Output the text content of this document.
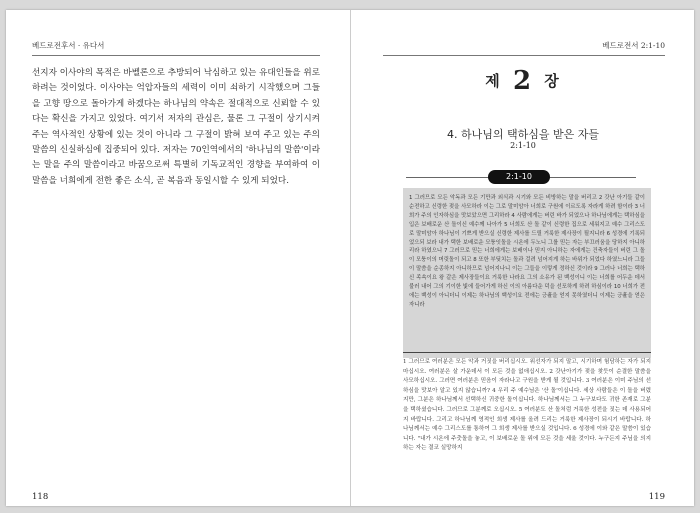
베드로전후서 · 유다서

선지자 이사야의 목적은 바벨론으로 추방되어 낙심하고 있는 유대인들을 위로하려는 것이었다. 이사야는 억압자들의 세력이 이미 쇠하기 시작했으며 그들을 고향 땅으로 돌아가게 하겠다는 하나님의 약속은 절대적으로 신뢰할 수 있다는 확신을 가지고 있었다. 여기서 저자의 관심은, 물론 그 구절이 상기시켜 주는 역사적인 상황에 있는 것이 아니라 그 구절이 밝혀 보여 주고 있는 주의 말씀의 신실하심에 집중되어 있다. 저자는 70인역에서의 '하나님의 말씀'이라는 말을 주의 말씀이라고 바꿈으로써 특별히 기독교적인 경향을 부여하여 이 말씀을 너희에게 전한 좋은 소식, 곧 복음과 동일시할 수 있게 되었다.

118
베드로전서 2:1-10
제 2 장
4. 하나님의 택하심을 받은 자들
2:1-10
2:1-10

1 그러므로 모든 악독과 모든 기만과 외식과 시기와 모든 비방하는 말을 버리고 2 갓난 아기들 같이 순전하고 신령한 젖을 사모하라 이는 그로 말미암아 너희로 구원에 이르도록 자라게 하려 함이라 3 너희가 주의 인자하심을 맛보았으면 그리하라 4 사람에게는 버린 바가 되었으나 하나님에게는 택하심을 입은 보배로운 산 돌이신 예수께 나아가 5 너희도 산 돌 같이 신령한 집으로 세워지고 예수 그리스도로 말미암아 하나님이 기쁘게 받으실 신령한 제사를 드릴 거룩한 제사장이 될지니라 6 성경에 기록되었으되 보라 내가 택한 보배로운 모퉁잇돌을 시온에 두노니 그를 믿는 자는 부끄러움을 당하지 아니하리라 하였으니 7 그러므로 믿는 너희에게는 보배이나 믿지 아니하는 자에게는 건축자들이 버린 그 돌이 모퉁이의 머릿돌이 되고 8 또한 부딪치는 돌과 걸려 넘어지게 하는 바위가 되었다 하였느니라 그들이 말씀을 순종하지 아니하므로 넘어지나니 이는 그들을 이렇게 정하신 것이라 9 그러나 너희는 택하신 족속이요 왕 같은 제사장들이요 거룩한 나라요 그의 소유가 된 백성이니 이는 너희를 어두운 데서 불러 내어 그의 기이한 빛에 들어가게 하신 이의 아름다운 덕을 선포하게 하려 하심이라 10 너희가 전에는 백성이 아니더니 이제는 하나님의 백성이요 전에는 긍휼을 얻지 못하였더니 이제는 긍휼을 얻은 자니라

1 그러므로 여러분은 모든 악과 거짓을 버리십시오. 위선자가 되지 말고, 시기하며 험담하는 자가 되지 마십시오. 여러분은 살 가운데서 이 모든 것을 없애십시오. 2 갓난아기가 젖을 찾듯이 순결한 말씀을 사모하십시오. 그러면 여러분은 믿음이 자라나고 구원을 받게 될 것입니다. 3 여러분은 이미 주님의 선하심을 맛보아 알고 있지 않습니까? 4 우리 주 예수님은 '산 돌'이십니다. 세상 사람들은 이 돌을 버렸지만, 그분은 하나님께서 선택하신 귀중한 돌이십니다. 하나님께서는 그 누구보다도 귀한 존재로 그분을 택하셨습니다. 그러므로 그분께로 오십시오. 5 여러분도 산 돌처럼 거룩한 성전을 짓는 데 사용되어지 바랍니다. 그리고 하나님께 영적인 희생 제사를 올려 드리는 거룩한 제사장이 되시기 바랍니다. 하나님께서는 예수 그리스도를 통하여 그 희생 제사를 받으실 것입니다. 6 성경에 이와 같은 말씀이 있습니다. "내가 시온에 주춧돌을 놓고, 이 보배로운 돌 위에 모든 것을 세울 것이다. 누구든지 주님을 의지하는 자는 결코 실망하지

119
